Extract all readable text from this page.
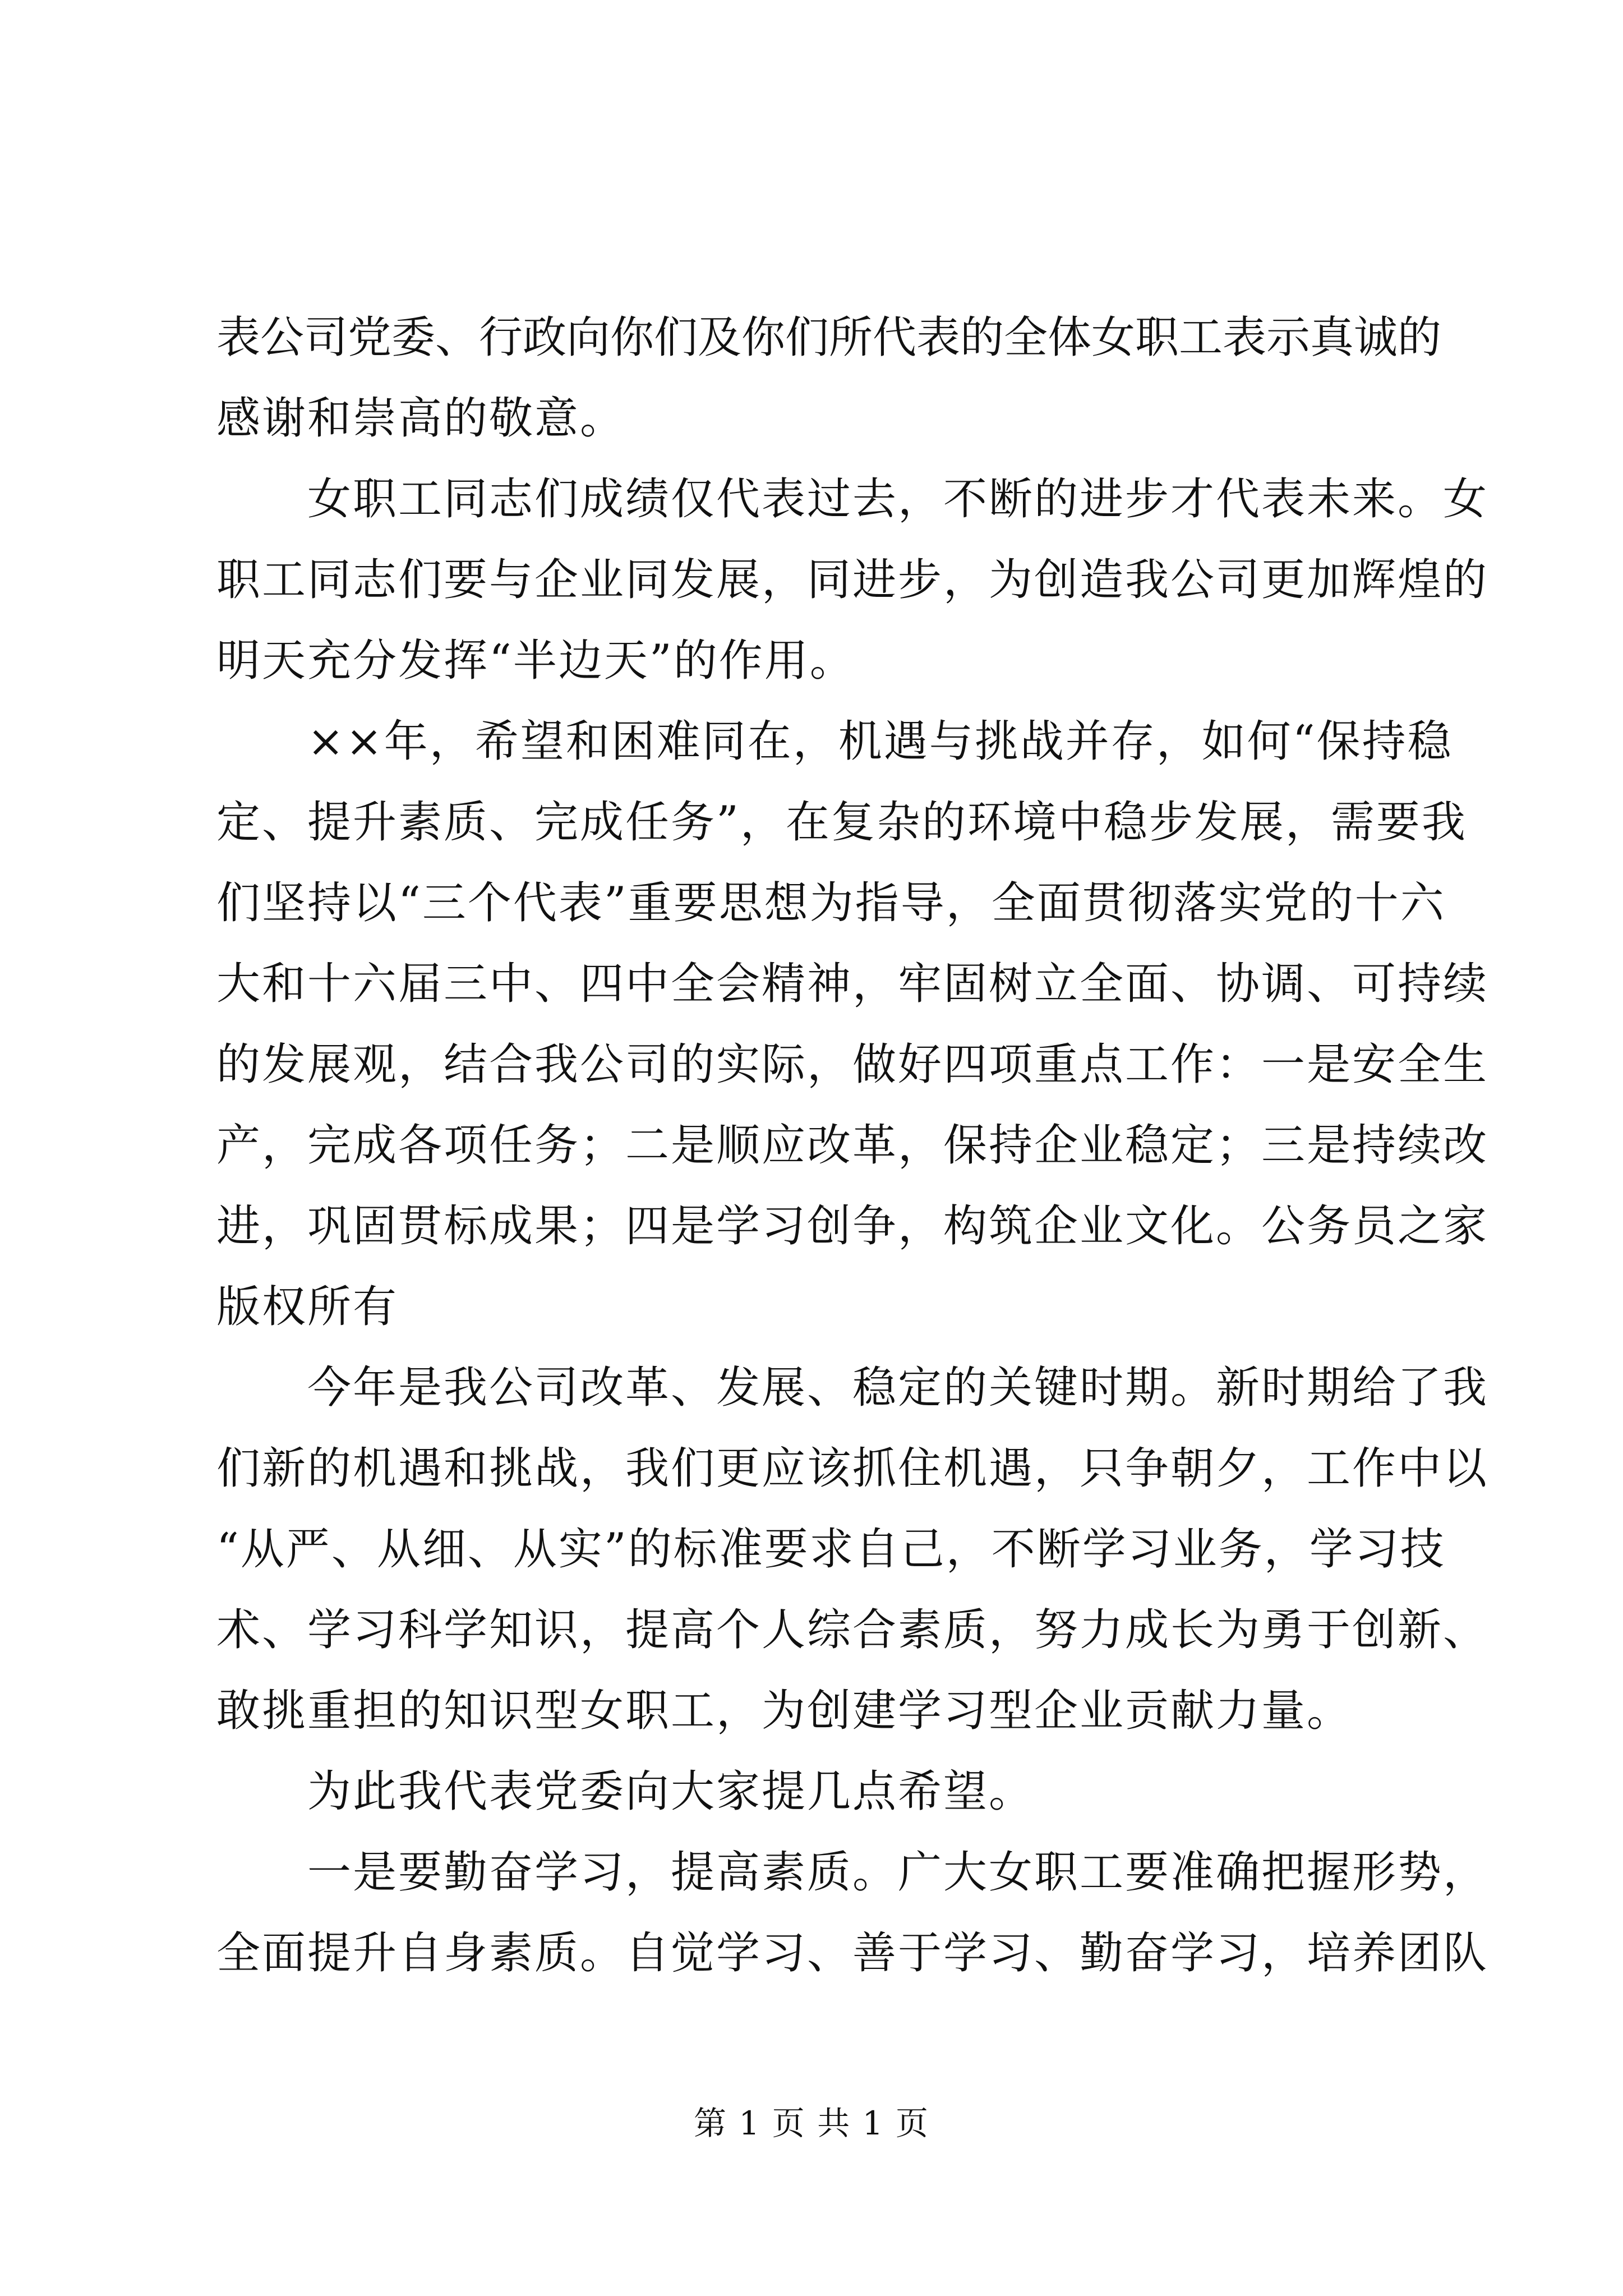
表公司党委、行政向你们及你们所代表的全体女职工表示真诚的
感谢和崇高的敬意。
女职工同志们成绩仅代表过去，不断的进步才代表未来。女
职工同志们要与企业同发展，同进步，为创造我公司更加辉煌的
明天充分发挥“半边天”的作用。
××年，希望和困难同在，机遇与挑战并存，如何“保持稳
定、提升素质、完成任务”，在复杂的环境中稳步发展，需要我
们坚持以“三个代表”重要思想为指导，全面贯彻落实党的十六
大和十六届三中、四中全会精神，牢固树立全面、协调、可持续
的发展观，结合我公司的实际，做好四项重点工作：一是安全生
产，完成各项任务；二是顺应改革，保持企业稳定；三是持续改
进，巩固贯标成果；四是学习创争，构筑企业文化。公务员之家
版权所有
今年是我公司改革、发展、稳定的关键时期。新时期给了我
们新的机遇和挑战，我们更应该抓住机遇，只争朝夕，工作中以
“从严、从细、从实”的标准要求自己，不断学习业务，学习技
术、学习科学知识，提高个人综合素质，努力成长为勇于创新、
敢挑重担的知识型女职工，为创建学习型企业贡献力量。
为此我代表党委向大家提几点希望。
一是要勤奋学习，提高素质。广大女职工要准确把握形势，
全面提升自身素质。自觉学习、善于学习、勤奋学习，培养团队
第 1 页 共 1 页
